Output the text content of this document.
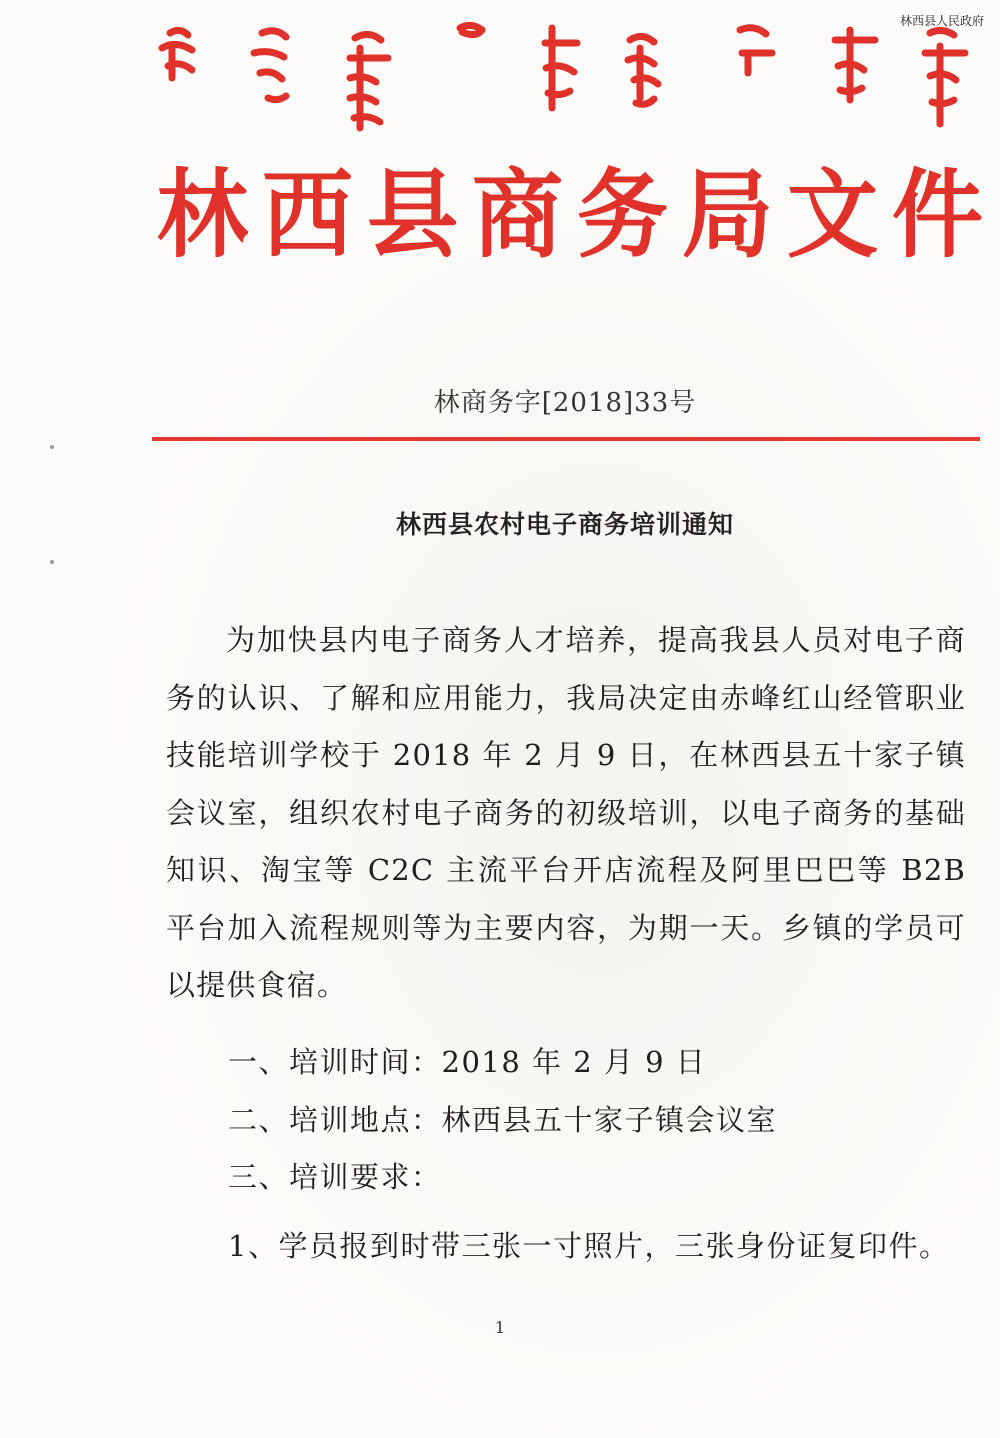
林西县人民政府
林 西 县 商 务 局 文 件
林商务字[2018]33号
林西县农村电子商务培训通知

为加快县内电子商务人才培养，提高我县人员对电子商务的认识、了解和应用能力，我局决定由赤峰红山经管职业技能培训学校于 2018 年 2 月 9 日，在林西县五十家子镇会议室，组织农村电子商务的初级培训，以电子商务的基础知识、淘宝等 C2C 主流平台开店流程及阿里巴巴等 B2B 平台加入流程规则等为主要内容，为期一天。乡镇的学员可以提供食宿。

一、培训时间：2018 年 2 月 9 日
二、培训地点：林西县五十家子镇会议室
三、培训要求：
1、学员报到时带三张一寸照片，三张身份证复印件。
1
